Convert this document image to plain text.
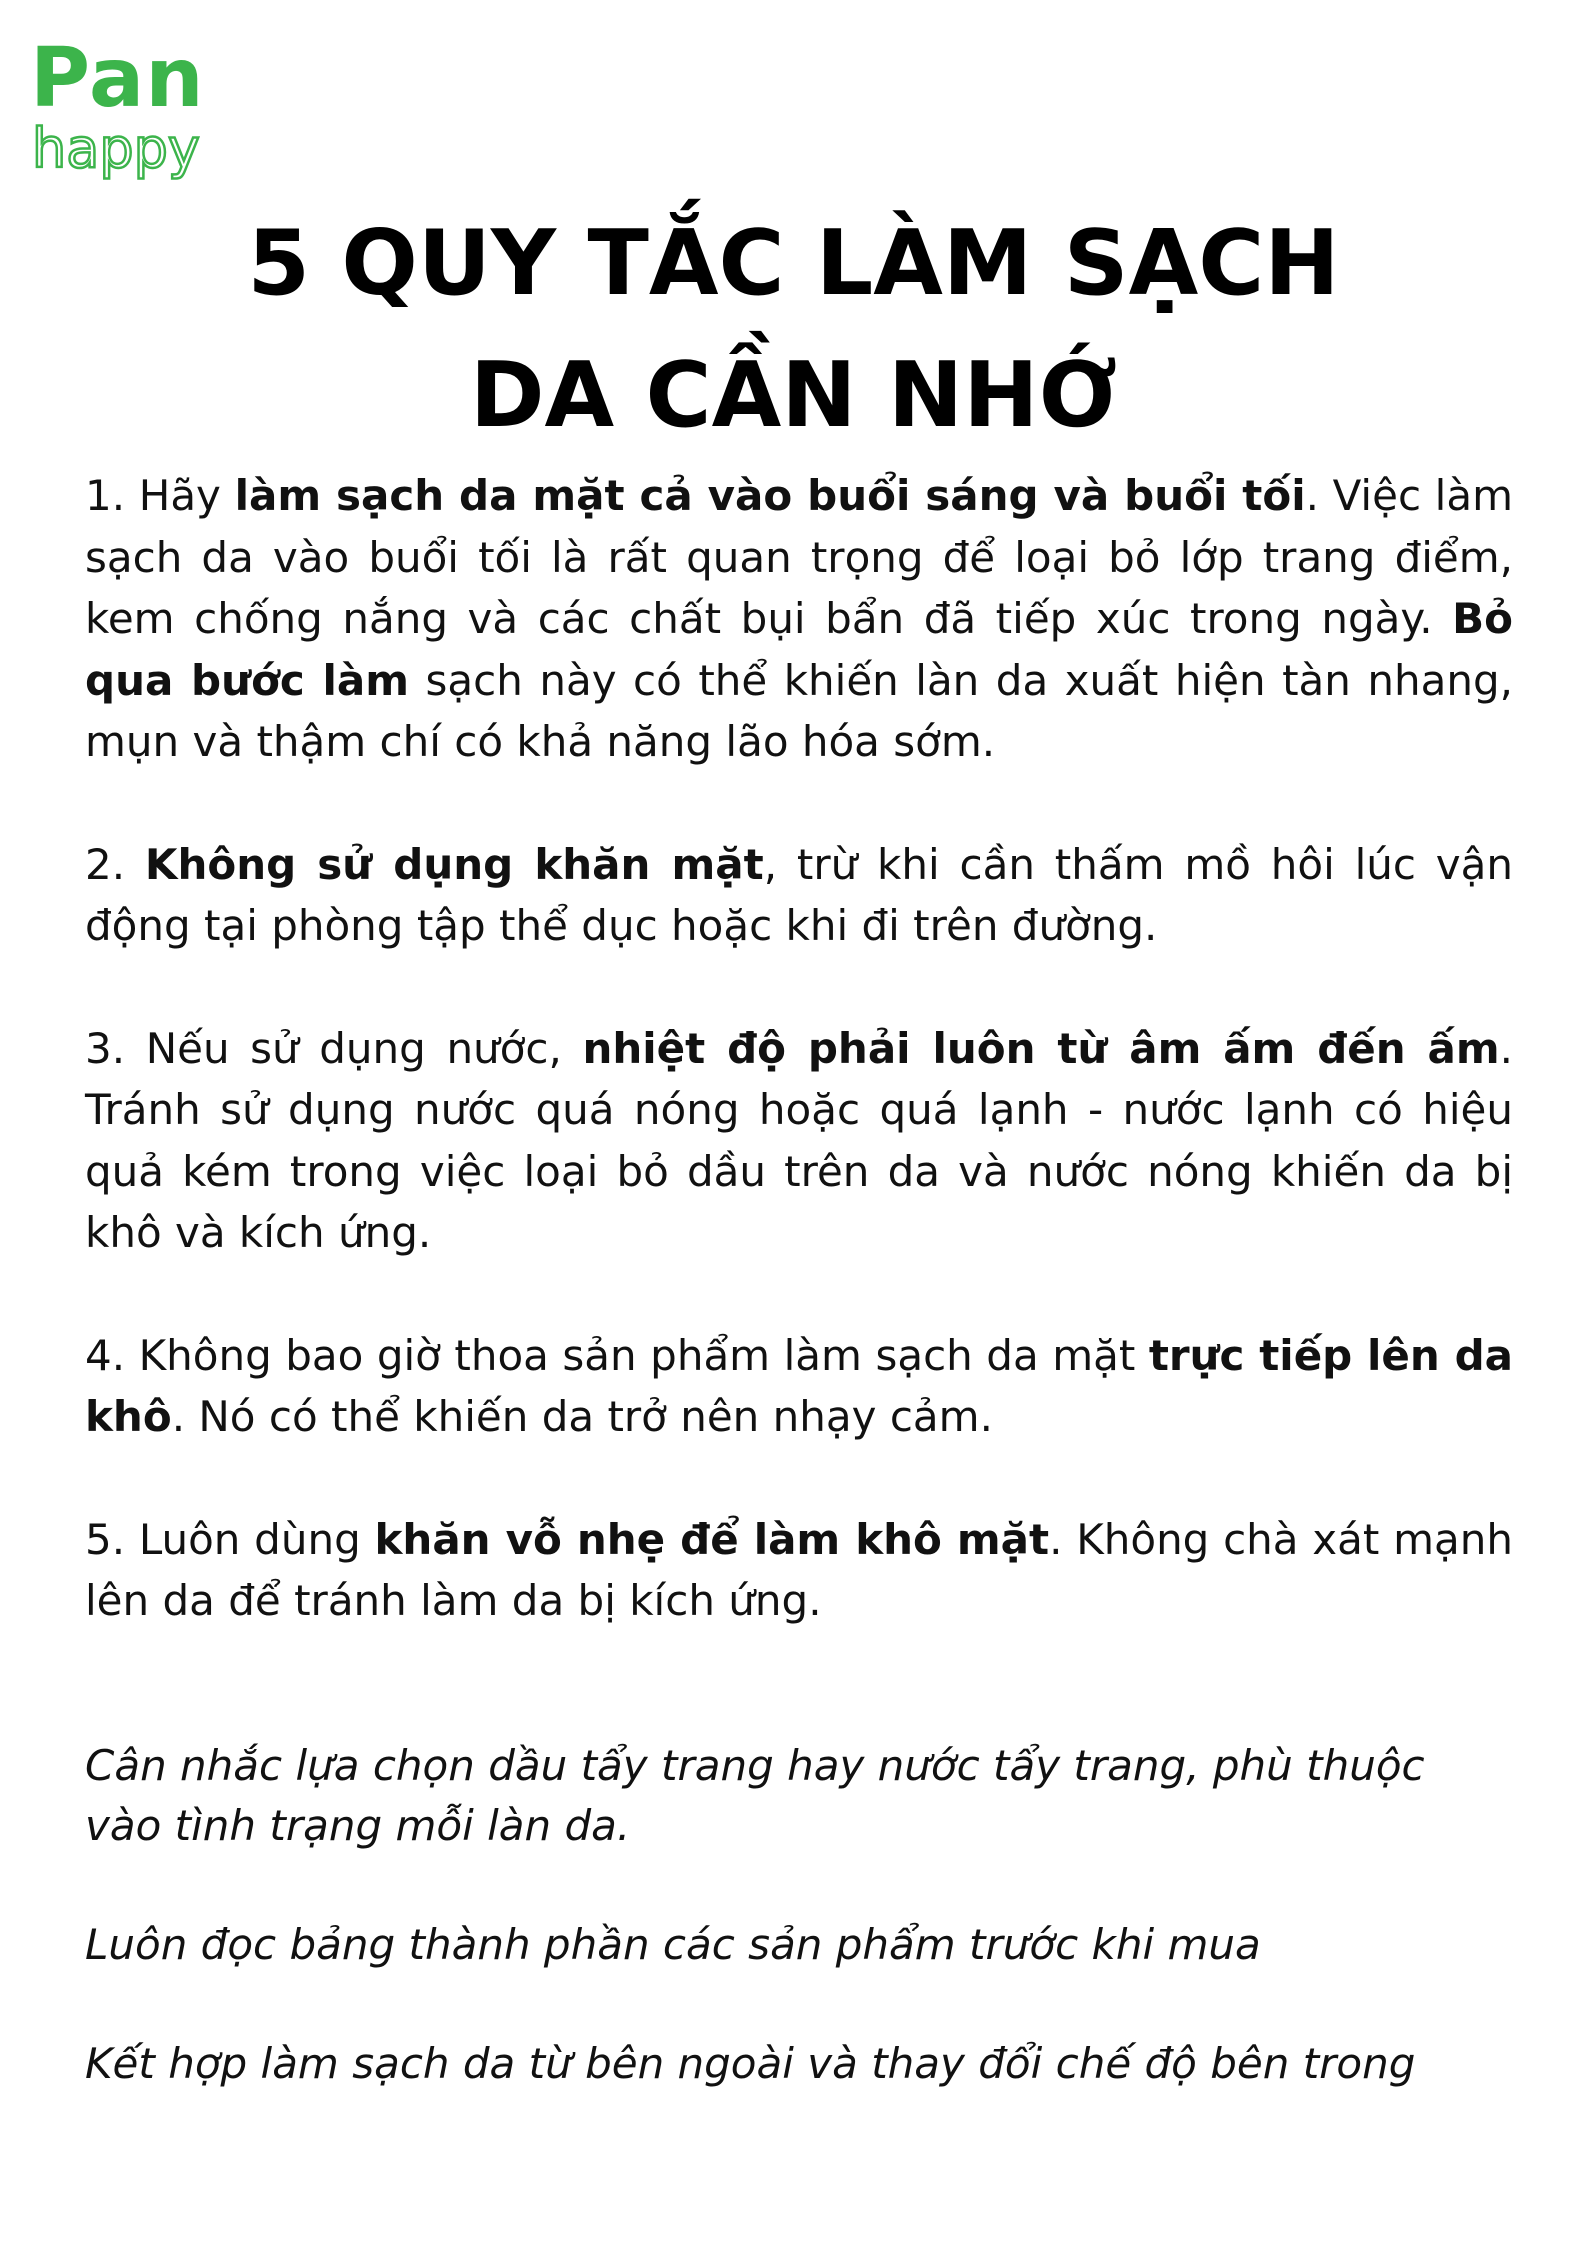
Pan
happy
5 QUY TẮC LÀM SẠCH
DA CẦN NHỚ

1. Hãy làm sạch da mặt cả vào buổi sáng và buổi tối. Việc làm sạch da vào buổi tối là rất quan trọng để loại bỏ lớp trang điểm, kem chống nắng và các chất bụi bẩn đã tiếp xúc trong ngày. Bỏ qua bước làm sạch này có thể khiến làn da xuất hiện tàn nhang, mụn và thậm chí có khả năng lão hóa sớm.

2. Không sử dụng khăn mặt, trừ khi cần thấm mồ hôi lúc vận động tại phòng tập thể dục hoặc khi đi trên đường.

3. Nếu sử dụng nước, nhiệt độ phải luôn từ âm ấm đến ấm. Tránh sử dụng nước quá nóng hoặc quá lạnh - nước lạnh có hiệu quả kém trong việc loại bỏ dầu trên da và nước nóng khiến da bị khô và kích ứng.

4. Không bao giờ thoa sản phẩm làm sạch da mặt trực tiếp lên da khô. Nó có thể khiến da trở nên nhạy cảm.

5. Luôn dùng khăn vỗ nhẹ để làm khô mặt. Không chà xát mạnh lên da để tránh làm da bị kích ứng.

Cân nhắc lựa chọn dầu tẩy trang hay nước tẩy trang, phù thuộc vào tình trạng mỗi làn da.

Luôn đọc bảng thành phần các sản phẩm trước khi mua

Kết hợp làm sạch da từ bên ngoài và thay đổi chế độ bên trong
